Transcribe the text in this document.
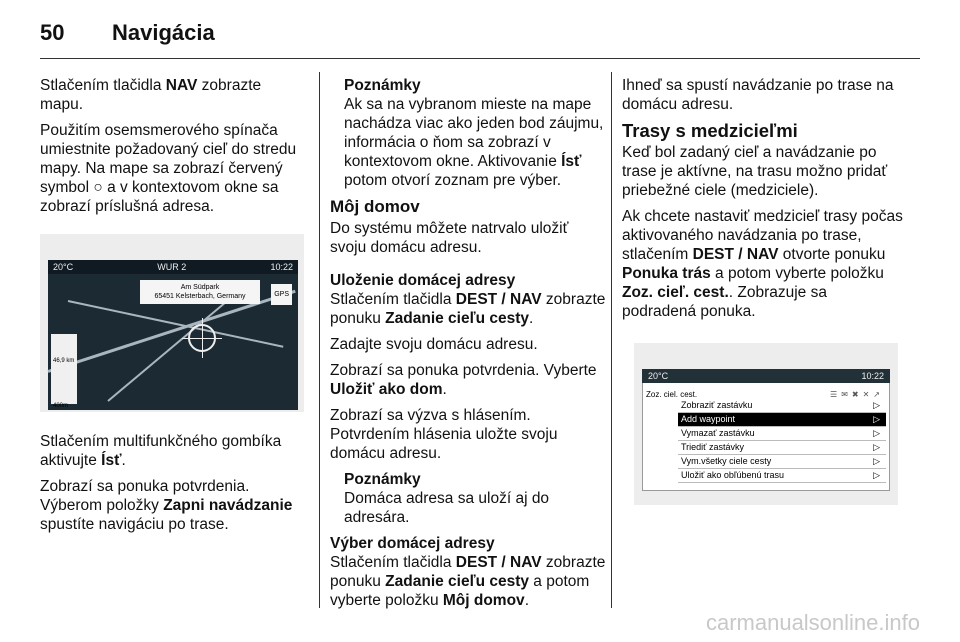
50	Navigácia

Stlačením tlačidla NAV zobrazte mapu.

Použitím osemsmerového spínača umiestnite požadovaný cieľ do stredu mapy. Na mape sa zobrazí červený symbol ○ a v kontextovom okne sa zobrazí príslušná adresa.

20°C	WUR 2	10:22
Am Südpark
65451 Kelsterbach, Germany	GPS
46,9 km
400m

Stlačením multifunkčného gombíka aktivujte Ísť.

Zobrazí sa ponuka potvrdenia. Výberom položky Zapni navádzanie spustíte navigáciu po trase.

Poznámky
Ak sa na vybranom mieste na mape nachádza viac ako jeden bod záujmu, informácia o ňom sa zobrazí v kontextovom okne. Aktivovanie Ísť potom otvorí zoznam pre výber.
Môj domov

Do systému môžete natrvalo uložiť svoju domácu adresu.

Uloženie domácej adresy

Stlačením tlačidla DEST / NAV zobrazte ponuku Zadanie cieľu cesty.

Zadajte svoju domácu adresu.

Zobrazí sa ponuka potvrdenia. Vyberte Uložiť ako dom.

Zobrazí sa výzva s hlásením. Potvrdením hlásenia uložte svoju domácu adresu.

Poznámky
Domáca adresa sa uloží aj do adresára.
Výber domácej adresy

Stlačením tlačidla DEST / NAV zobrazte ponuku Zadanie cieľu cesty a potom vyberte položku Môj domov.

Ihneď sa spustí navádzanie po trase na domácu adresu.

Trasy s medzicieľmi

Keď bol zadaný cieľ a navádzanie po trase je aktívne, na trasu možno pridať priebežné ciele (medziciele).

Ak chcete nastaviť medzicieľ trasy počas aktivovaného navádzania po trase, stlačením DEST / NAV otvorte ponuku Ponuka trás a potom vyberte položku Zoz. cieľ. cest.. Zobrazuje sa podradená ponuka.

20°C	10:22
Zoz. ciel. cest.	☰✉✖✕↗
Zobraziť zastávku	▷
Add waypoint	▷
Vymazať zastávku	▷
Triediť zastávky	▷
Vym.všetky ciele cesty	▷
Uložiť ako obľúbenú trasu	▷
carmanualsonline.info
